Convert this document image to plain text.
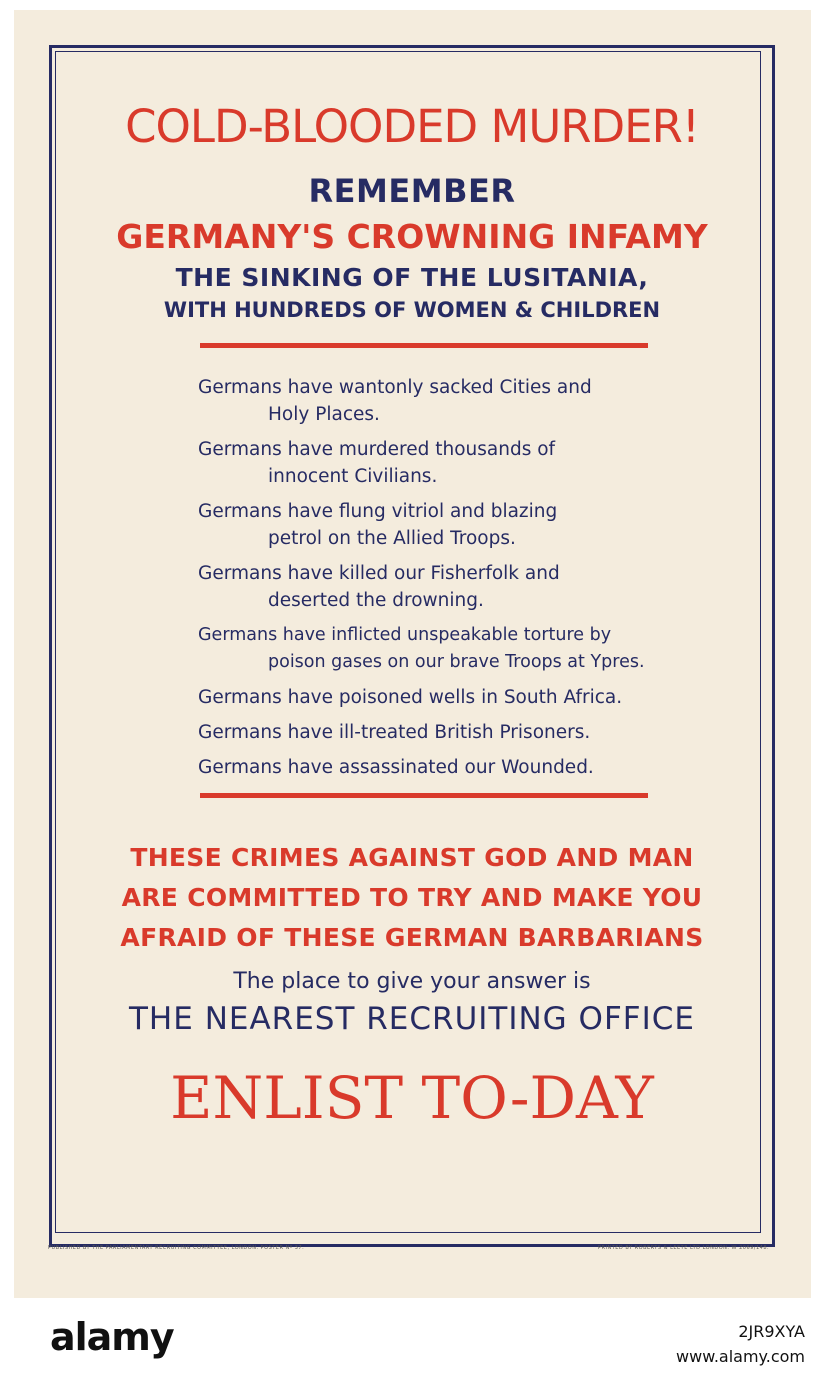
COLD-BLOODED MURDER!
REMEMBER
GERMANY'S CROWNING INFAMY
THE SINKING OF THE LUSITANIA,
WITH HUNDREDS OF WOMEN & CHILDREN
Germans have wantonly sacked Cities and
Holy Places.
Germans have murdered thousands of
innocent Civilians.
Germans have flung vitriol and blazing
petrol on the Allied Troops.
Germans have killed our Fisherfolk and
deserted the drowning.
Germans have inflicted unspeakable torture by
poison gases on our brave Troops at Ypres.
Germans have poisoned wells in South Africa.
Germans have ill-treated British Prisoners.
Germans have assassinated our Wounded.
THESE CRIMES AGAINST GOD AND MAN
ARE COMMITTED TO TRY AND MAKE YOU
AFRAID OF THESE GERMAN BARBARIANS
The place to give your answer is
THE NEAREST RECRUITING OFFICE
ENLIST TO-DAY
PUBLISHED BY THE PARLIAMENTARY RECRUITING COMMITTEE, LONDON. POSTER Nº 37.	PRINTED BY ROBERTS & LEETE LTD LONDON. W 2069/148.
alamy	2JR9XYA
www.alamy.com
